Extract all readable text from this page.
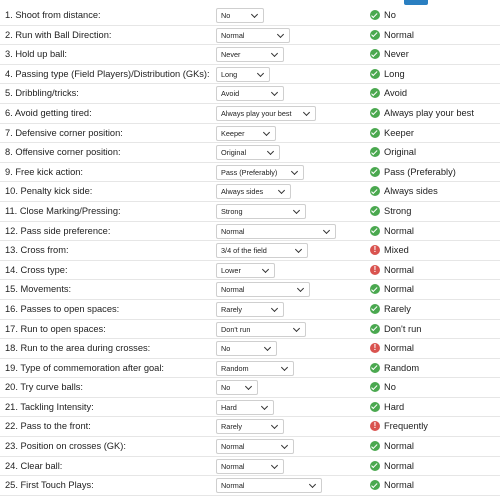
1. Shoot from distance:	No	No
2. Run with Ball Direction:	Normal	Normal
3. Hold up ball:	Never	Never
4. Passing type (Field Players)/Distribution (GKs):	Long	Long
5. Dribbling/tricks:	Avoid	Avoid
6. Avoid getting tired:	Always play your best	Always play your best
7. Defensive corner position:	Keeper	Keeper
8. Offensive corner position:	Original	Original
9. Free kick action:	Pass (Preferably)	Pass (Preferably)
10. Penalty kick side:	Always sides	Always sides
11. Close Marking/Pressing:	Strong	Strong
12. Pass side preference:	Normal	Normal
13. Cross from:	3/4 of the field !	Mixed
14. Cross type:	Lower !	Normal
15. Movements:	Normal	Normal
16. Passes to open spaces:	Rarely	Rarely
17. Run to open spaces:	Don't run	Don't run
18. Run to the area during crosses:	No !	Normal
19. Type of commemoration after goal:	Random	Random
20. Try curve balls:	No	No
21. Tackling Intensity:	Hard	Hard
22. Pass to the front:	Rarely !	Frequently
23. Position on crosses (GK):	Normal	Normal
24. Clear ball:	Normal	Normal
25. First Touch Plays:	Normal	Normal
